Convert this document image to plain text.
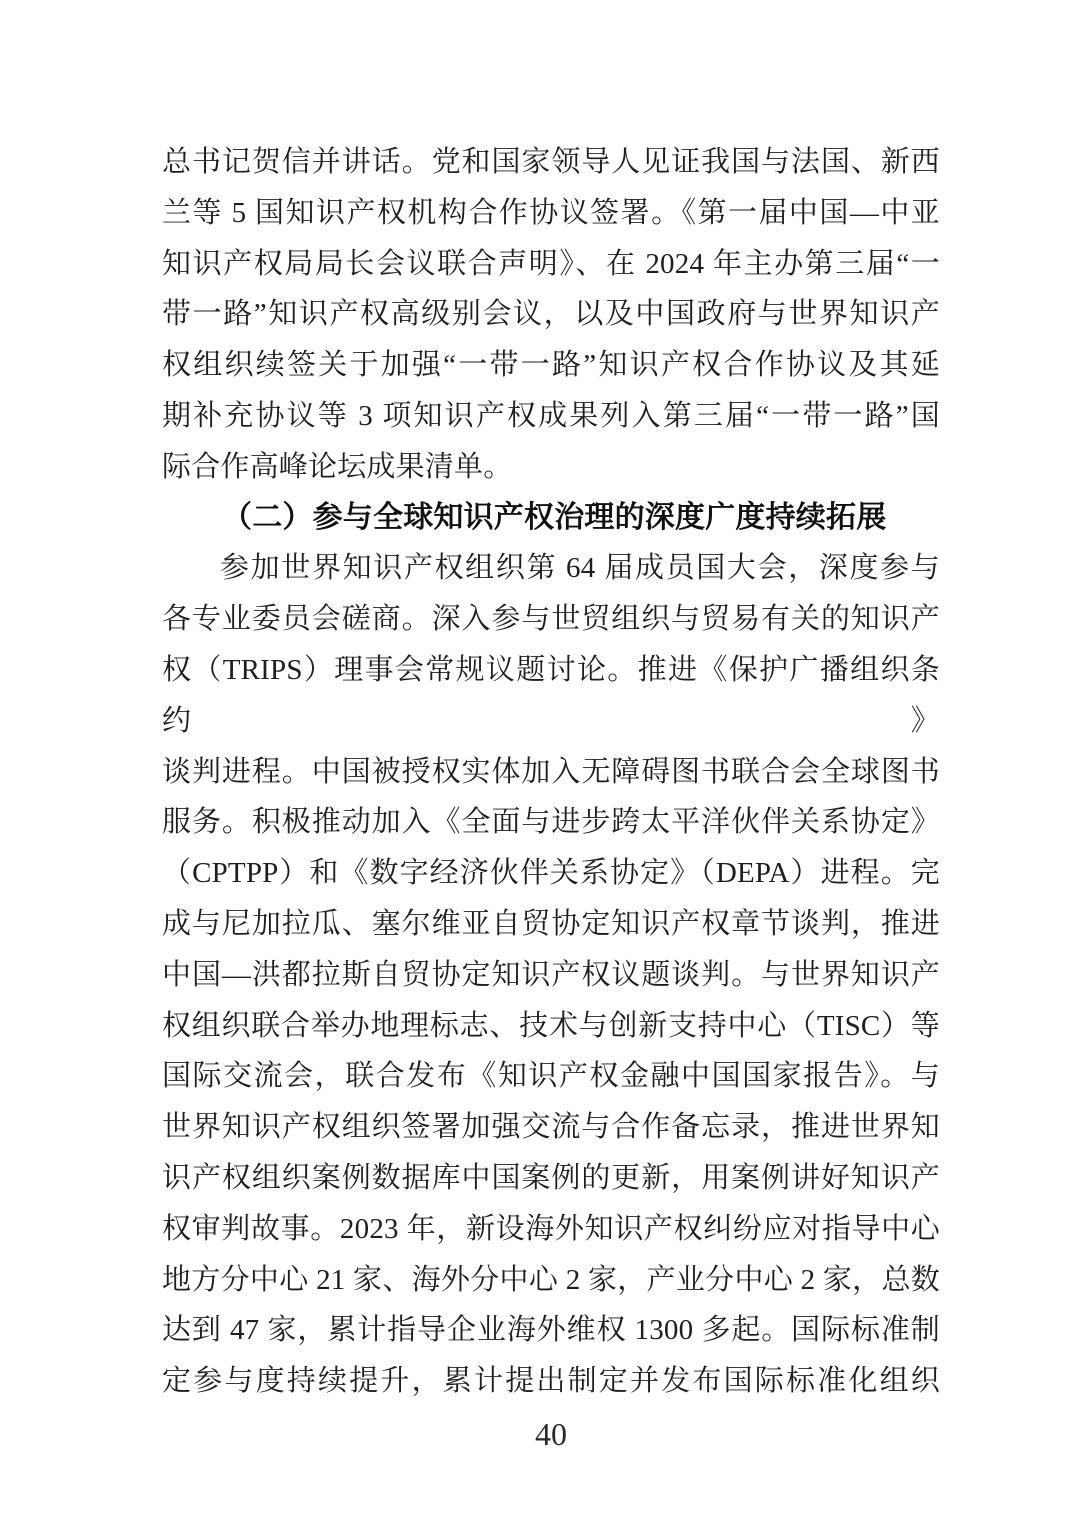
总书记贺信并讲话。党和国家领导人见证我国与法国、新西
兰等 5 国知识产权机构合作协议签署。《第一届中国—中亚
知识产权局局长会议联合声明》、在 2024 年主办第三届“一
带一路”知识产权高级别会议，以及中国政府与世界知识产
权组织续签关于加强“一带一路”知识产权合作协议及其延
期补充协议等 3 项知识产权成果列入第三届“一带一路”国
际合作高峰论坛成果清单。
（二）参与全球知识产权治理的深度广度持续拓展
参加世界知识产权组织第 64 届成员国大会，深度参与
各专业委员会磋商。深入参与世贸组织与贸易有关的知识产
权（TRIPS）理事会常规议题讨论。推进《保护广播组织条约》
谈判进程。中国被授权实体加入无障碍图书联合会全球图书
服务。积极推动加入《全面与进步跨太平洋伙伴关系协定》
（CPTPP）和《数字经济伙伴关系协定》（DEPA）进程。完
成与尼加拉瓜、塞尔维亚自贸协定知识产权章节谈判，推进
中国—洪都拉斯自贸协定知识产权议题谈判。与世界知识产
权组织联合举办地理标志、技术与创新支持中心（TISC）等
国际交流会，联合发布《知识产权金融中国国家报告》。与
世界知识产权组织签署加强交流与合作备忘录，推进世界知
识产权组织案例数据库中国案例的更新，用案例讲好知识产
权审判故事。2023 年，新设海外知识产权纠纷应对指导中心
地方分中心 21 家、海外分中心 2 家，产业分中心 2 家，总数
达到 47 家，累计指导企业海外维权 1300 多起。国际标准制
定参与度持续提升，累计提出制定并发布国际标准化组织
40
